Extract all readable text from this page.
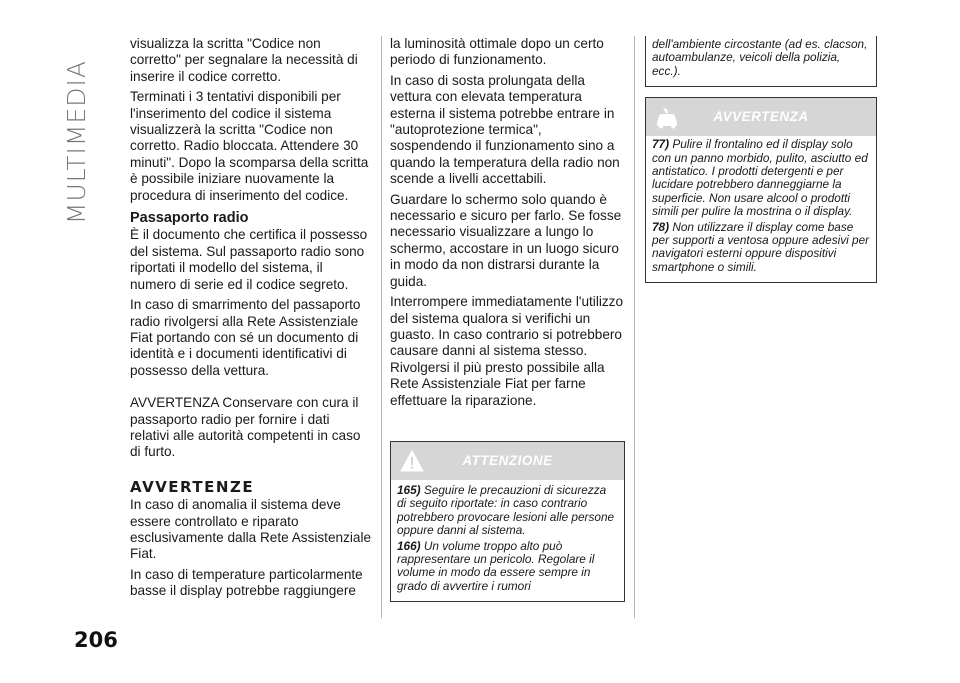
MULTIMEDIA
206

visualizza la scritta "Codice non corretto" per segnalare la necessità di inserire il codice corretto.

Terminati i 3 tentativi disponibili per l'inserimento del codice il sistema visualizzerà la scritta "Codice non corretto. Radio bloccata. Attendere 30 minuti". Dopo la scomparsa della scritta è possibile iniziare nuovamente la procedura di inserimento del codice.

Passaporto radio

È il documento che certifica il possesso del sistema. Sul passaporto radio sono riportati il modello del sistema, il numero di serie ed il codice segreto.

In caso di smarrimento del passaporto radio rivolgersi alla Rete Assistenziale Fiat portando con sé un documento di identità e i documenti identificativi di possesso della vettura.

AVVERTENZA Conservare con cura il passaporto radio per fornire i dati relativi alle autorità competenti in caso di furto.

AVVERTENZE

In caso di anomalia il sistema deve essere controllato e riparato esclusivamente dalla Rete Assistenziale Fiat.

In caso di temperature particolarmente basse il display potrebbe raggiungere

la luminosità ottimale dopo un certo periodo di funzionamento.

In caso di sosta prolungata della vettura con elevata temperatura esterna il sistema potrebbe entrare in "autoprotezione termica", sospendendo il funzionamento sino a quando la temperatura della radio non scende a livelli accettabili.

Guardare lo schermo solo quando è necessario e sicuro per farlo. Se fosse necessario visualizzare a lungo lo schermo, accostare in un luogo sicuro in modo da non distrarsi durante la guida.

Interrompere immediatamente l'utilizzo del sistema qualora si verifichi un guasto. In caso contrario si potrebbero causare danni al sistema stesso. Rivolgersi il più presto possibile alla Rete Assistenziale Fiat per farne effettuare la riparazione.

ATTENZIONE

165) Seguire le precauzioni di sicurezza di seguito riportate: in caso contrario potrebbero provocare lesioni alle persone oppure danni al sistema.

166) Un volume troppo alto può rappresentare un pericolo. Regolare il volume in modo da essere sempre in grado di avvertire i rumori

dell'ambiente circostante (ad es. clacson, autoambulanze, veicoli della polizia, ecc.).

AVVERTENZA

77) Pulire il frontalino ed il display solo con un panno morbido, pulito, asciutto ed antistatico. I prodotti detergenti e per lucidare potrebbero danneggiarne la superficie. Non usare alcool o prodotti simili per pulire la mostrina o il display.

78) Non utilizzare il display come base per supporti a ventosa oppure adesivi per navigatori esterni oppure dispositivi smartphone o simili.
